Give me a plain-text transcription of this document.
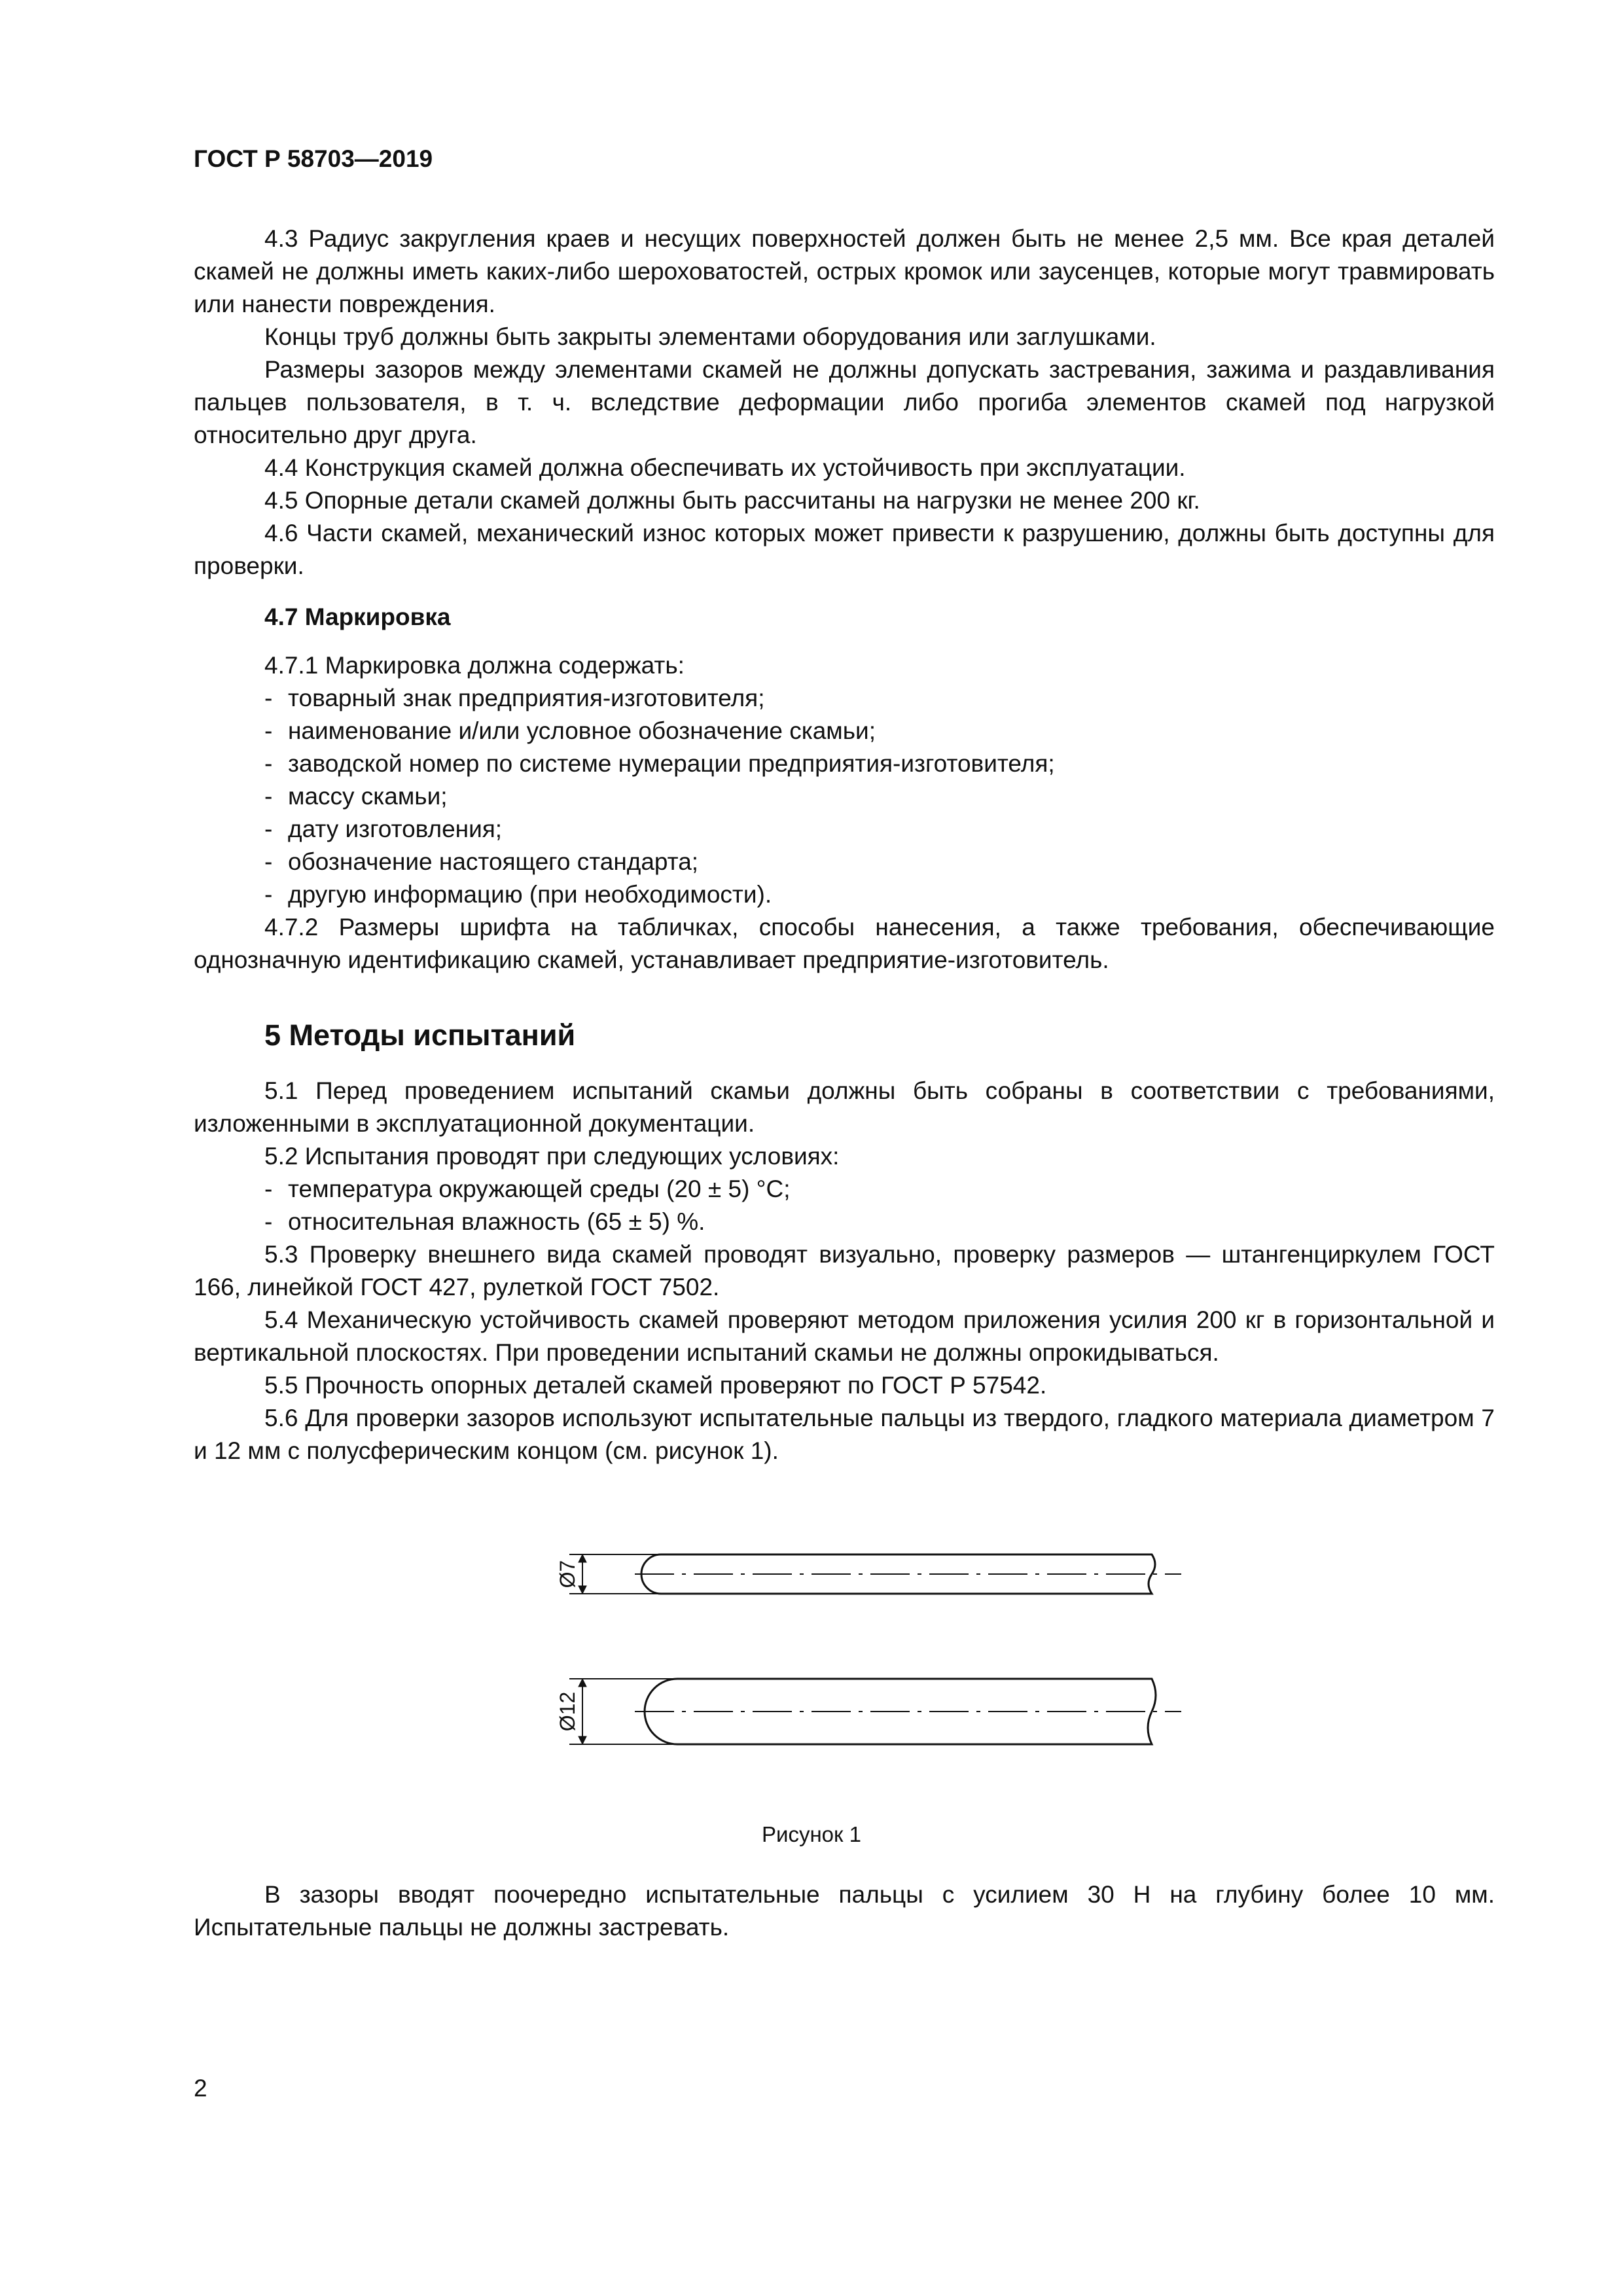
ГОСТ Р 58703—2019

4.3 Радиус закругления краев и несущих поверхностей должен быть не менее 2,5 мм. Все края деталей скамей не должны иметь каких-либо шероховатостей, острых кромок или заусенцев, которые могут травмировать или нанести повреждения.

Концы труб должны быть закрыты элементами оборудования или заглушками.

Размеры зазоров между элементами скамей не должны допускать застревания, зажима и раздавливания пальцев пользователя, в т. ч. вследствие деформации либо прогиба элементов скамей под нагрузкой относительно друг друга.

4.4 Конструкция скамей должна обеспечивать их устойчивость при эксплуатации.

4.5 Опорные детали скамей должны быть рассчитаны на нагрузки не менее 200 кг.

4.6 Части скамей, механический износ которых может привести к разрушению, должны быть доступны для проверки.

4.7 Маркировка

4.7.1 Маркировка должна содержать:

- товарный знак предприятия-изготовителя;

- наименование и/или условное обозначение скамьи;

- заводской номер по системе нумерации предприятия-изготовителя;

- массу скамьи;

- дату изготовления;

- обозначение настоящего стандарта;

- другую информацию (при необходимости).

4.7.2 Размеры шрифта на табличках, способы нанесения, а также требования, обеспечивающие однозначную идентификацию скамей, устанавливает предприятие-изготовитель.

5 Методы испытаний

5.1 Перед проведением испытаний скамьи должны быть собраны в соответствии с требованиями, изложенными в эксплуатационной документации.

5.2 Испытания проводят при следующих условиях:

- температура окружающей среды (20 ± 5) °С;

- относительная влажность (65 ± 5) %.

5.3 Проверку внешнего вида скамей проводят визуально, проверку размеров — штангенциркулем ГОСТ 166, линейкой ГОСТ 427, рулеткой ГОСТ 7502.

5.4 Механическую устойчивость скамей проверяют методом приложения усилия 200 кг в горизонтальной и вертикальной плоскостях. При проведении испытаний скамьи не должны опрокидываться.

5.5 Прочность опорных деталей скамей проверяют по ГОСТ Р 57542.

5.6 Для проверки зазоров используют испытательные пальцы из твердого, гладкого материала диаметром 7 и 12 мм с полусферическим концом (см. рисунок 1).

Ø7
Ø12
Рисунок 1

В зазоры вводят поочередно испытательные пальцы с усилием 30 Н на глубину более 10 мм. Испытательные пальцы не должны застревать.

2
